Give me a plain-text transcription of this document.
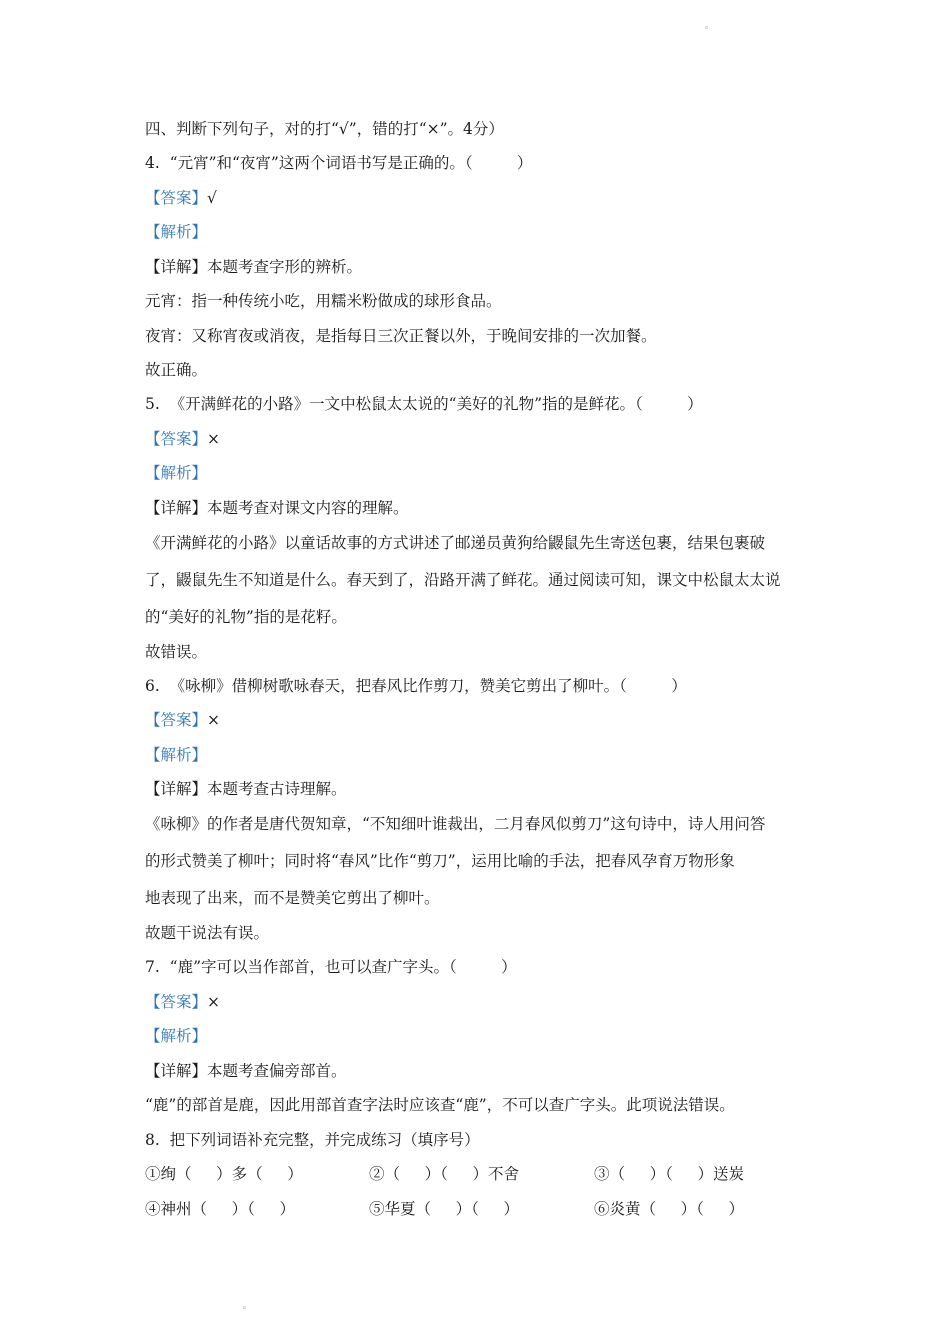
。
四、判断下列句子，对的打“√”，错的打“×”。4分）
4.  “元宵”和“夜宵”这两个词语书写是正确的。（         ）
【答案】√
【解析】
【详解】本题考查字形的辨析。
元宵：指一种传统小吃，用糯米粉做成的球形食品。
夜宵：又称宵夜或消夜，是指每日三次正餐以外，于晚间安排的一次加餐。
故正确。
5.  《开满鲜花的小路》一文中松鼠太太说的“美好的礼物”指的是鲜花。（         ）
【答案】×
【解析】
【详解】本题考查对课文内容的理解。
《开满鲜花的小路》以童话故事的方式讲述了邮递员黄狗给鼹鼠先生寄送包裹，结果包裹破
了，鼹鼠先生不知道是什么。春天到了，沿路开满了鲜花。通过阅读可知，课文中松鼠太太说
的“美好的礼物”指的是花籽。
故错误。
6.  《咏柳》借柳树歌咏春天，把春风比作剪刀，赞美它剪出了柳叶。（         ）
【答案】×
【解析】
【详解】本题考查古诗理解。
《咏柳》的作者是唐代贺知章，“不知细叶谁裁出，二月春风似剪刀”这句诗中，诗人用问答
的形式赞美了柳叶；同时将“春风”比作“剪刀”，运用比喻的手法，把春风孕育万物形象
地表现了出来，而不是赞美它剪出了柳叶。
故题干说法有误。
7.  “鹿”字可以当作部首，也可以查广字头。（         ）
【答案】×
【解析】
【详解】本题考查偏旁部首。
“鹿”的部首是鹿，因此用部首查字法时应该查“鹿”，不可以查广字头。此项说法错误。
8.  把下列词语补充完整，并完成练习（填序号）
①绚（     ）多（     ）	②（     ）（     ）不舍	③（     ）（     ）送炭
④神州（     ）（     ）	⑤华夏（     ）（     ）	⑥炎黄（     ）（     ）
。
